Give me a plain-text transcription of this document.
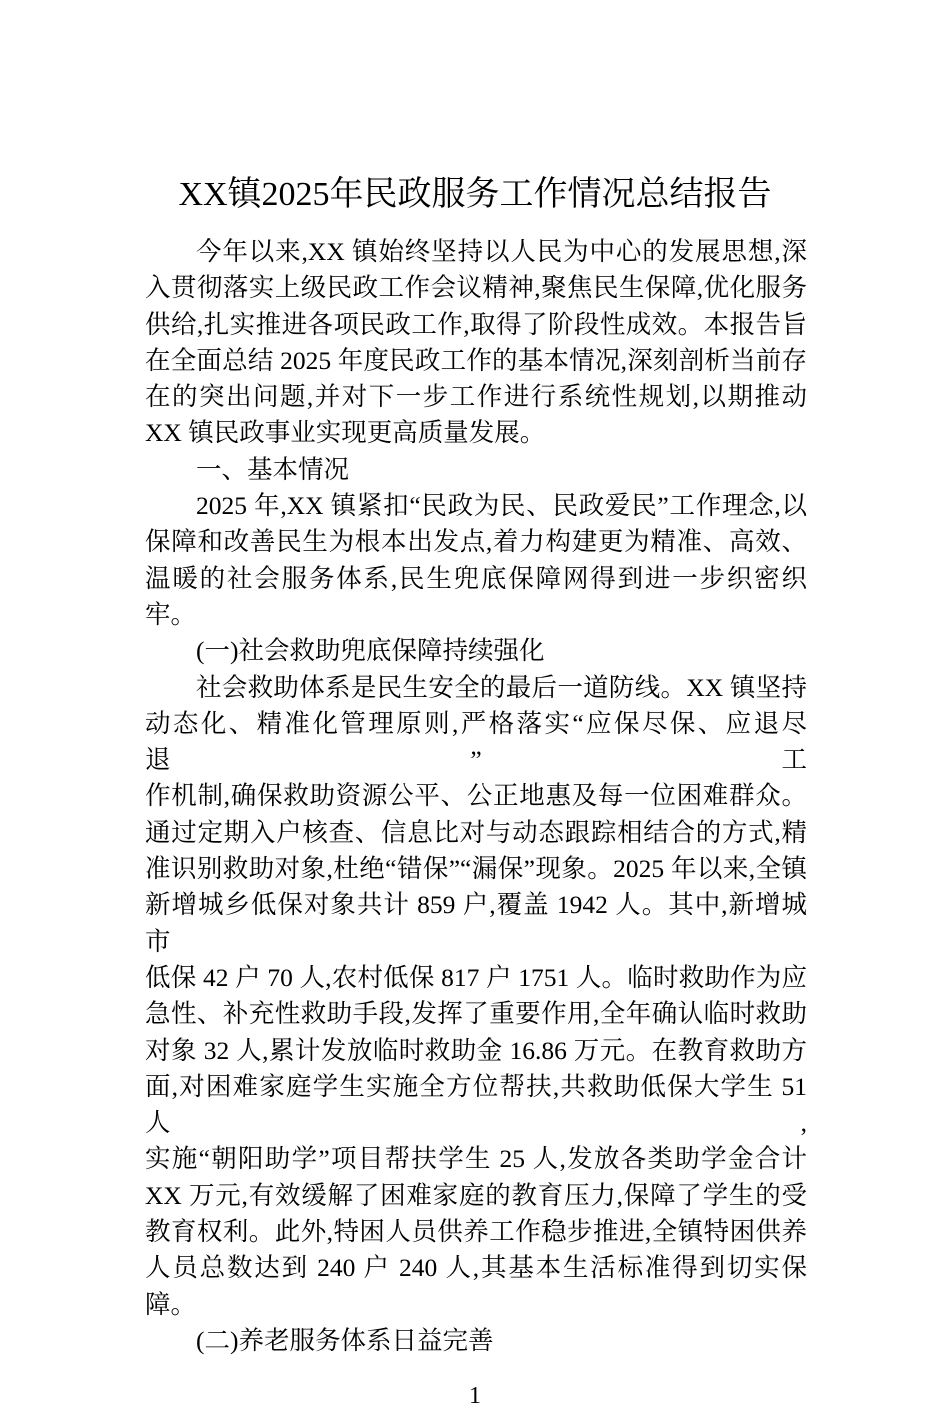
XX镇2025年民政服务工作情况总结报告
今年以来,XX 镇始终坚持以人民为中心的发展思想,深
入贯彻落实上级民政工作会议精神,聚焦民生保障,优化服务
供给,扎实推进各项民政工作,取得了阶段性成效。本报告旨
在全面总结 2025 年度民政工作的基本情况,深刻剖析当前存
在的突出问题,并对下一步工作进行系统性规划,以期推动
XX 镇民政事业实现更高质量发展。
一、基本情况
2025 年,XX 镇紧扣“民政为民、民政爱民”工作理念,以
保障和改善民生为根本出发点,着力构建更为精准、高效、
温暖的社会服务体系,民生兜底保障网得到进一步织密织牢。
(一)社会救助兜底保障持续强化
社会救助体系是民生安全的最后一道防线。XX 镇坚持
动态化、精准化管理原则,严格落实“应保尽保、应退尽退”工
作机制,确保救助资源公平、公正地惠及每一位困难群众。
通过定期入户核查、信息比对与动态跟踪相结合的方式,精
准识别救助对象,杜绝“错保”“漏保”现象。2025 年以来,全镇
新增城乡低保对象共计 859 户,覆盖 1942 人。其中,新增城市
低保 42 户 70 人,农村低保 817 户 1751 人。临时救助作为应
急性、补充性救助手段,发挥了重要作用,全年确认临时救助
对象 32 人,累计发放临时救助金 16.86 万元。在教育救助方
面,对困难家庭学生实施全方位帮扶,共救助低保大学生 51 人,
实施“朝阳助学”项目帮扶学生 25 人,发放各类助学金合计
XX 万元,有效缓解了困难家庭的教育压力,保障了学生的受
教育权利。此外,特困人员供养工作稳步推进,全镇特困供养
人员总数达到 240 户 240 人,其基本生活标准得到切实保障。
(二)养老服务体系日益完善
1
